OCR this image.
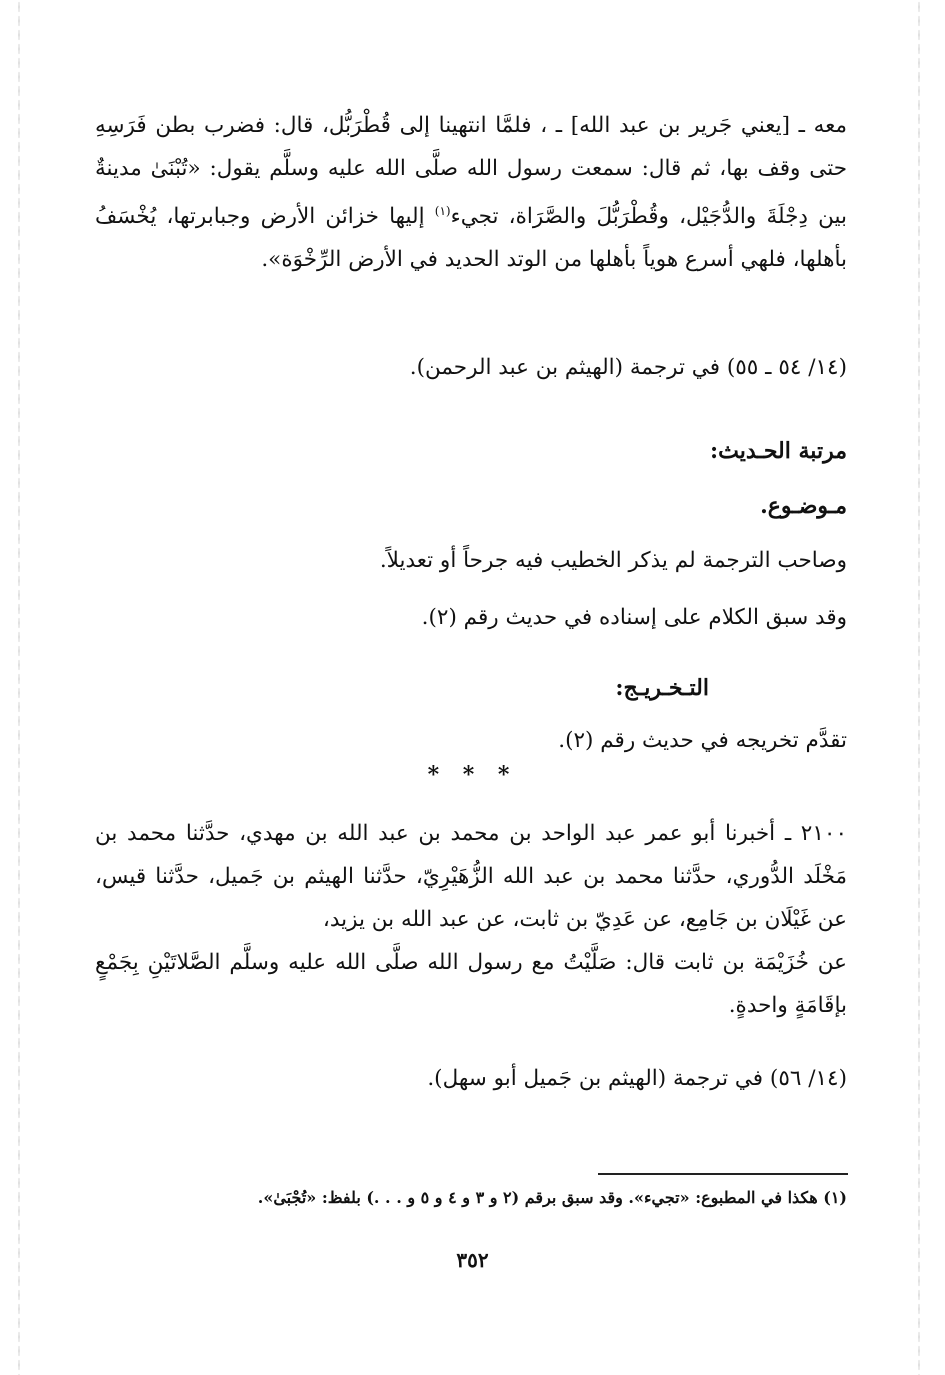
معه ـ [يعني جَرير بن عبد الله] ـ ، فلمَّا انتهينا إلى قُطْرَبُّل، قال: فضرب بطن فَرَسِهِ حتى وقف بها، ثم قال: سمعت رسول الله صلَّى الله عليه وسلَّم يقول: «تُبْنَىٰ مدينةٌ بين دِجْلَةَ والدُّجَيْل، وقُطْرَبُّلَ والصَّرَاة، تجيء$^{(١)}$ إليها خزائن الأرض وجبابرتها، يُخْسَفُ بأهلها، فلهي أسرع هوياً بأهلها من الوتد الحديد في الأرض الرِّخْوَة».

(١٤/ ٥٤ ـ ٥٥) في ترجمة (الهيثم بن عبد الرحمن).
مرتبة الحـديث:
مـوضـوع.
وصاحب الترجمة لم يذكر الخطيب فيه جرحاً أو تعديلاً.
وقد سبق الكلام على إسناده في حديث رقم (٢).
التـخـريـج:
تقدَّم تخريجه في حديث رقم (٢).
* * *

٢١٠٠ ـ أخبرنا أبو عمر عبد الواحد بن محمد بن عبد الله بن مهدي، حدَّثنا محمد بن مَخْلَد الدُّوري، حدَّثنا محمد بن عبد الله الزُّهَيْرِيّ، حدَّثنا الهيثم بن جَميل، حدَّثنا قيس، عن غَيْلَان بن جَامِع، عن عَدِيّ بن ثابت، عن عبد الله بن يزيد،

عن خُزَيْمَة بن ثابت قال: صَلَّيْتُ مع رسول الله صلَّى الله عليه وسلَّم الصَّلاتَيْنِ بِجَمْعٍ بإقَامَةٍ واحدةٍ.

(١٤/ ٥٦) في ترجمة (الهيثم بن جَميل أبو سهل).
(١) هكذا في المطبوع: «تجيء». وقد سبق برقم (٢ و ٣ و ٤ و ٥ و . . .) بلفظ: «تُجْبَىٰ».
٣٥٢
